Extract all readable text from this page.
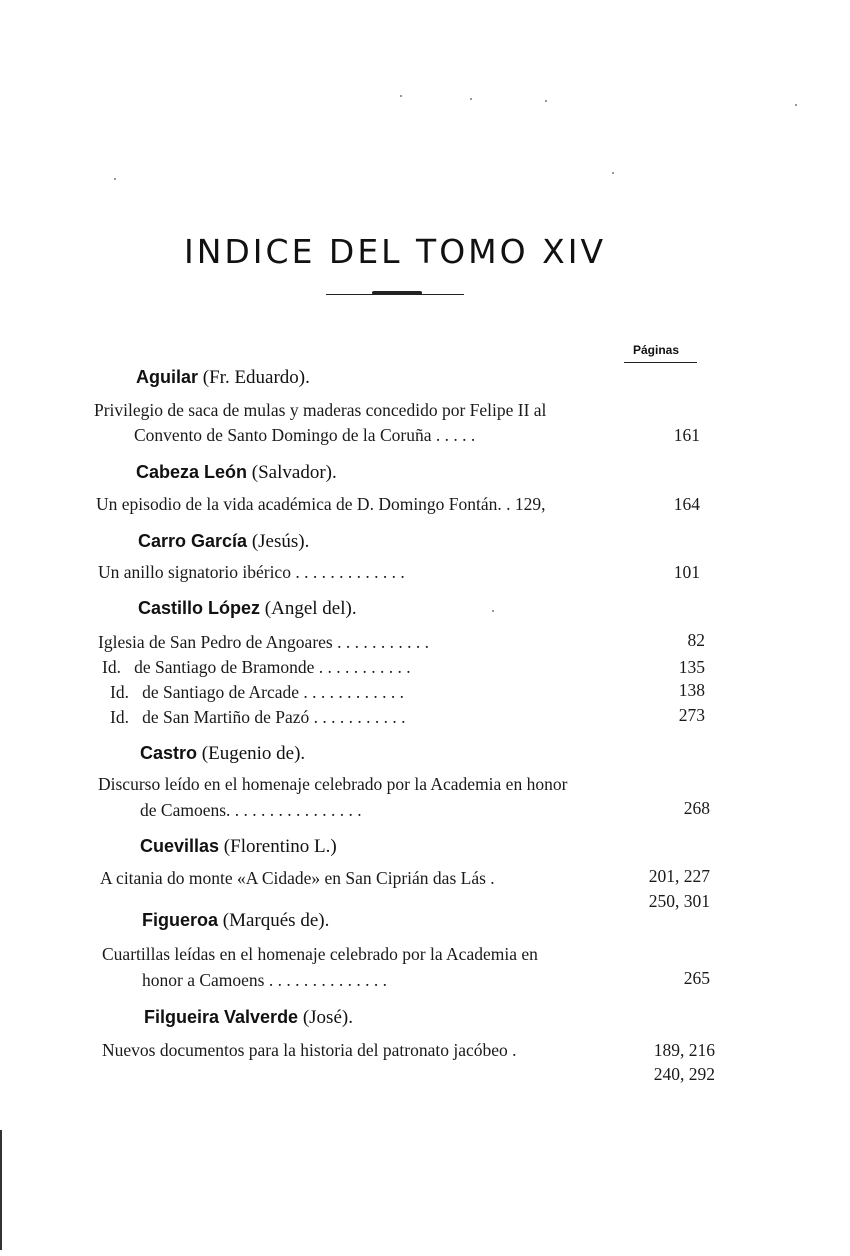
INDICE DEL TOMO XIV
Páginas
Aguilar (Fr. Eduardo).
Privilegio de saca de mulas y maderas concedido por Felipe II al
Convento de Santo Domingo de la Coruña . . . . .	161
Cabeza León (Salvador).
Un episodio de la vida académica de D. Domingo Fontán. . 129,	164
Carro García (Jesús).
Un anillo signatorio ibérico . . . . . . . . . . . . .	101
Castillo López (Angel del).
Iglesia de San Pedro de Angoares . . . . . . . . . . .	82
Id.   de Santiago de Bramonde . . . . . . . . . . .	135
Id.   de Santiago de Arcade . . . . . . . . . . . .	138
Id.   de San Martiño de Pazó . . . . . . . . . . .	273
Castro (Eugenio de).
Discurso leído en el homenaje celebrado por la Academia en honor
de Camoens. . . . . . . . . . . . . . . .	268
Cuevillas (Florentino L.)
A citania do monte «A Cidade» en San Ciprián das Lás .	201, 227
250, 301
Figueroa (Marqués de).
Cuartillas leídas en el homenaje celebrado por la Academia en
honor a Camoens . . . . . . . . . . . . . .	265
Filgueira Valverde (José).
Nuevos documentos para la historia del patronato jacóbeo .	189, 216
240, 292
